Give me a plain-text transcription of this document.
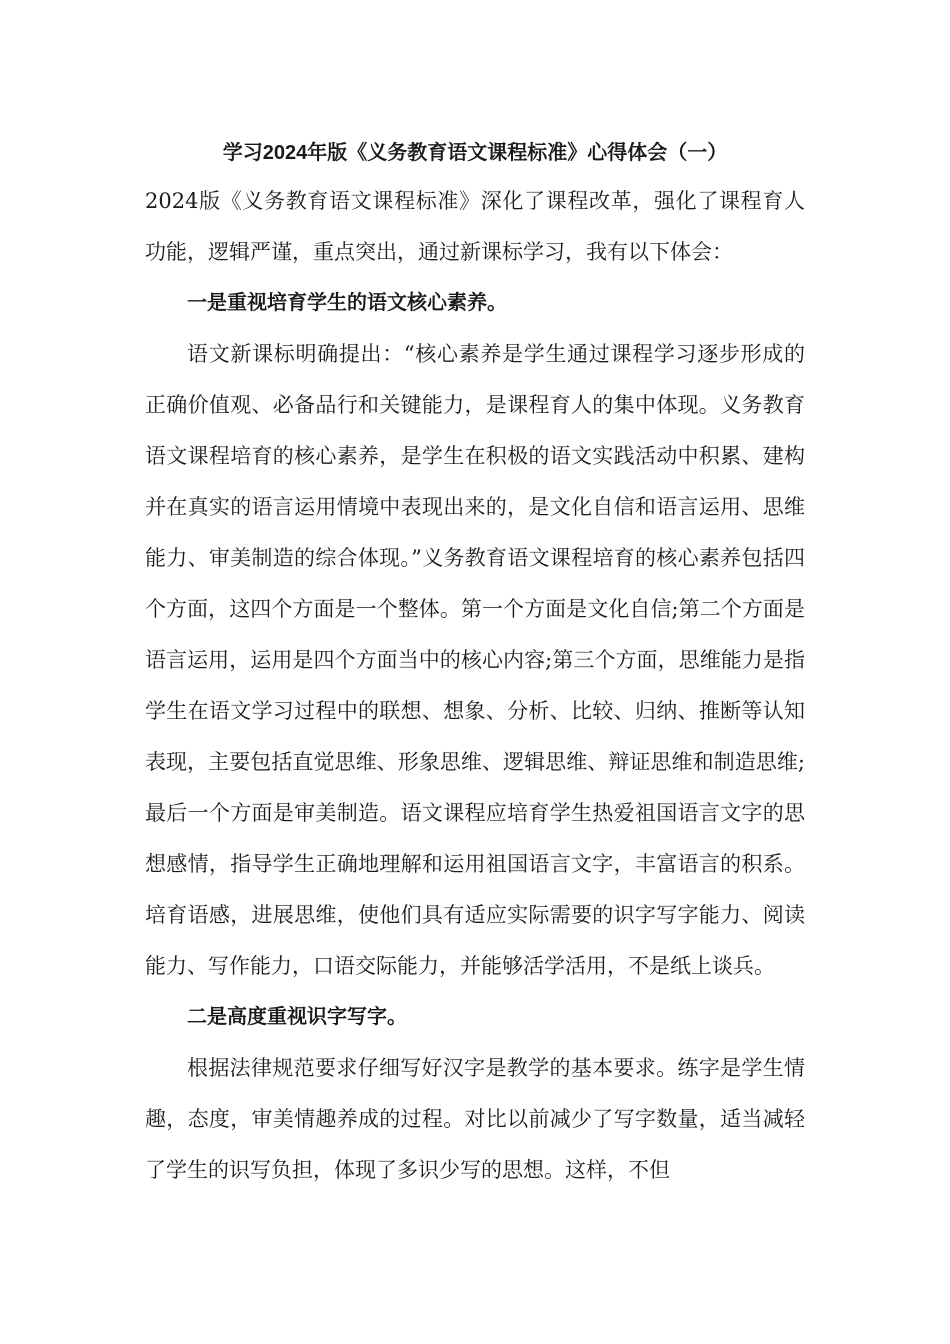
学习2024年版《义务教育语文课程标准》心得体会（一）

2024版《义务教育语文课程标准》深化了课程改革，强化了课程育人功能，逻辑严谨，重点突出，通过新课标学习，我有以下体会：

一是重视培育学生的语文核心素养。

语文新课标明确提出：“核心素养是学生通过课程学习逐步形成的正确价值观、必备品行和关键能力，是课程育人的集中体现。义务教育语文课程培育的核心素养，是学生在积极的语文实践活动中积累、建构并在真实的语言运用情境中表现出来的，是文化自信和语言运用、思维能力、审美制造的综合体现。”义务教育语文课程培育的核心素养包括四个方面，这四个方面是一个整体。第一个方面是文化自信;第二个方面是语言运用，运用是四个方面当中的核心内容;第三个方面，思维能力是指学生在语文学习过程中的联想、想象、分析、比较、归纳、推断等认知表现，主要包括直觉思维、形象思维、逻辑思维、辩证思维和制造思维;最后一个方面是审美制造。语文课程应培育学生热爱祖国语言文字的思想感情，指导学生正确地理解和运用祖国语言文字，丰富语言的积系。培育语感，进展思维，使他们具有适应实际需要的识字写字能力、阅读能力、写作能力，口语交际能力，并能够活学活用，不是纸上谈兵。

二是高度重视识字写字。

根据法律规范要求仔细写好汉字是教学的基本要求。练字是学生情趣，态度，审美情趣养成的过程。对比以前减少了写字数量，适当减轻了学生的识写负担，体现了多识少写的思想。这样，不但
